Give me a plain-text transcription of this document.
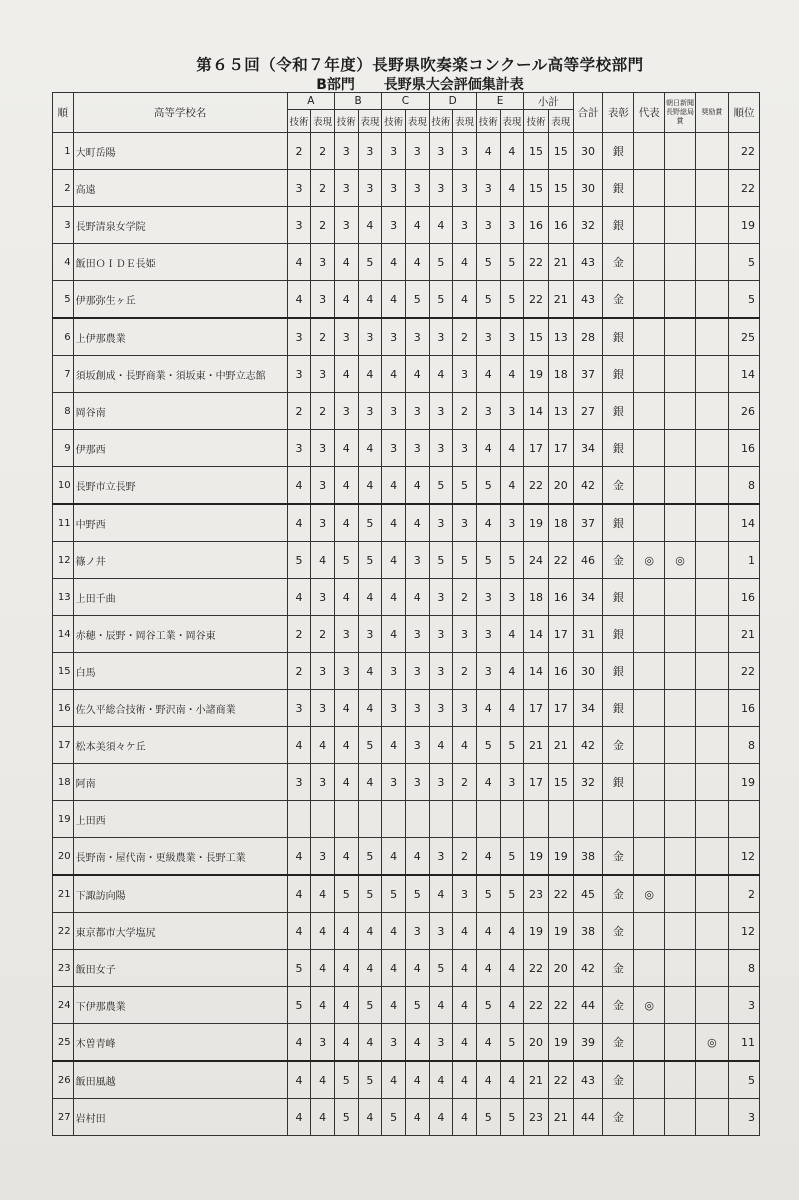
第６５回（令和７年度）長野県吹奏楽コンクール高等学校部門
B部門 長野県大会評価集計表
順	高等学校名	A		B		C		D		E		小計		合計	表彰	代表	朝日新聞長野総局賞	奨励賞	順位
		技術	表現	技術	表現	技術	表現	技術	表現	技術	表現	技術	表現						
1	大町岳陽	2	2	3	3	3	3	3	3	4	4	15	15	30	銀				22
2	高遠	3	2	3	3	3	3	3	3	3	4	15	15	30	銀				22
3	長野清泉女学院	3	2	3	4	3	4	4	3	3	3	16	16	32	銀				19
4	飯田ＯＩＤＥ長姫	4	3	4	5	4	4	5	4	5	5	22	21	43	金				5
5	伊那弥生ヶ丘	4	3	4	4	4	5	5	4	5	5	22	21	43	金				5
6	上伊那農業	3	2	3	3	3	3	3	2	3	3	15	13	28	銀				25
7	須坂創成・長野商業・須坂東・中野立志館	3	3	4	4	4	4	4	3	4	4	19	18	37	銀				14
8	岡谷南	2	2	3	3	3	3	3	2	3	3	14	13	27	銀				26
9	伊那西	3	3	4	4	3	3	3	3	4	4	17	17	34	銀				16
10	長野市立長野	4	3	4	4	4	4	5	5	5	4	22	20	42	金				8
11	中野西	4	3	4	5	4	4	3	3	4	3	19	18	37	銀				14
12	篠ノ井	5	4	5	5	4	3	5	5	5	5	24	22	46	金	◎	◎		1
13	上田千曲	4	3	4	4	4	4	3	2	3	3	18	16	34	銀				16
14	赤穂・辰野・岡谷工業・岡谷東	2	2	3	3	4	3	3	3	3	4	14	17	31	銀				21
15	白馬	2	3	3	4	3	3	3	2	3	4	14	16	30	銀				22
16	佐久平総合技術・野沢南・小諸商業	3	3	4	4	3	3	3	3	4	4	17	17	34	銀				16
17	松本美須々ケ丘	4	4	4	5	4	3	4	4	5	5	21	21	42	金				8
18	阿南	3	3	4	4	3	3	3	2	4	3	17	15	32	銀				19
19	上田西																		
20	長野南・屋代南・更級農業・長野工業	4	3	4	5	4	4	3	2	4	5	19	19	38	金				12
21	下諏訪向陽	4	4	5	5	5	5	4	3	5	5	23	22	45	金	◎			2
22	東京都市大学塩尻	4	4	4	4	4	3	3	4	4	4	19	19	38	金				12
23	飯田女子	5	4	4	4	4	4	5	4	4	4	22	20	42	金				8
24	下伊那農業	5	4	4	5	4	5	4	4	5	4	22	22	44	金	◎			3
25	木曽青峰	4	3	4	4	3	4	3	4	4	5	20	19	39	金			◎	11
26	飯田風越	4	4	5	5	4	4	4	4	4	4	21	22	43	金				5
27	岩村田	4	4	5	4	5	4	4	4	5	5	23	21	44	金				3
